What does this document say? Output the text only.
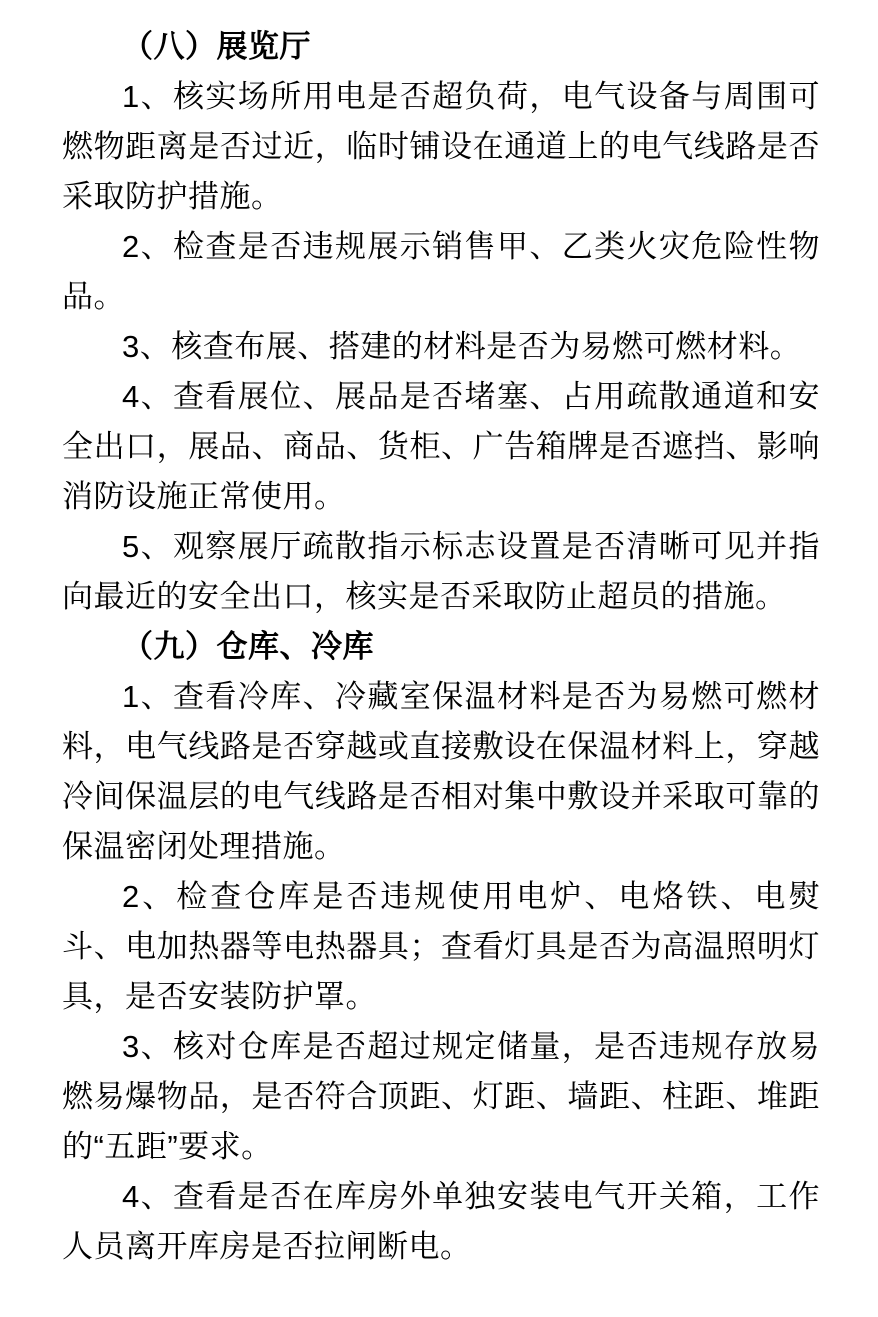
（八）展览厅

1、核实场所用电是否超负荷，电气设备与周围可燃物距离是否过近，临时铺设在通道上的电气线路是否采取防护措施。

2、检查是否违规展示销售甲、乙类火灾危险性物品。

3、核查布展、搭建的材料是否为易燃可燃材料。

4、查看展位、展品是否堵塞、占用疏散通道和安全出口，展品、商品、货柜、广告箱牌是否遮挡、影响消防设施正常使用。

5、观察展厅疏散指示标志设置是否清晰可见并指向最近的安全出口，核实是否采取防止超员的措施。

（九）仓库、冷库

1、查看冷库、冷藏室保温材料是否为易燃可燃材料，电气线路是否穿越或直接敷设在保温材料上，穿越冷间保温层的电气线路是否相对集中敷设并采取可靠的保温密闭处理措施。

2、检查仓库是否违规使用电炉、电烙铁、电熨斗、电加热器等电热器具；查看灯具是否为高温照明灯具，是否安装防护罩。

3、核对仓库是否超过规定储量，是否违规存放易燃易爆物品，是否符合顶距、灯距、墙距、柱距、堆距的“五距”要求。

4、查看是否在库房外单独安装电气开关箱，工作人员离开库房是否拉闸断电。
